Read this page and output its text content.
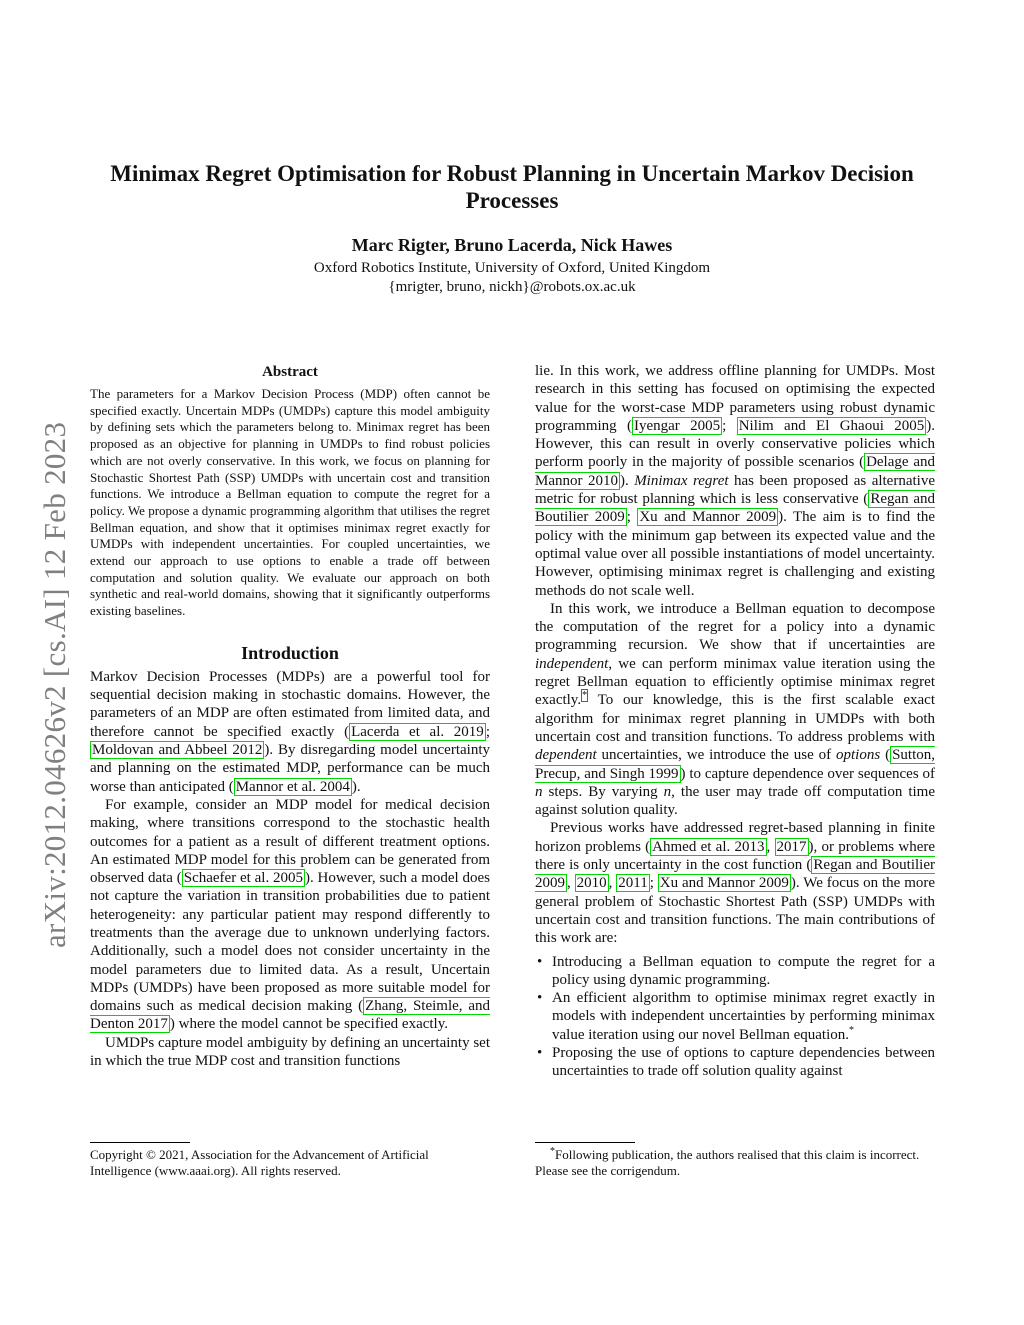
arXiv:2012.04626v2 [cs.AI] 12 Feb 2023
Minimax Regret Optimisation for Robust Planning in Uncertain Markov Decision Processes
Marc Rigter, Bruno Lacerda, Nick Hawes
Oxford Robotics Institute, University of Oxford, United Kingdom
{mrigter, bruno, nickh}@robots.ox.ac.uk
Abstract

The parameters for a Markov Decision Process (MDP) often cannot be specified exactly. Uncertain MDPs (UMDPs) capture this model ambiguity by defining sets which the parameters belong to. Minimax regret has been proposed as an objective for planning in UMDPs to find robust policies which are not overly conservative. In this work, we focus on planning for Stochastic Shortest Path (SSP) UMDPs with uncertain cost and transition functions. We introduce a Bellman equation to compute the regret for a policy. We propose a dynamic programming algorithm that utilises the regret Bellman equation, and show that it optimises minimax regret exactly for UMDPs with independent uncertainties. For coupled uncertainties, we extend our approach to use options to enable a trade off between computation and solution quality. We evaluate our approach on both synthetic and real-world domains, showing that it significantly outperforms existing baselines.

Introduction

Markov Decision Processes (MDPs) are a powerful tool for sequential decision making in stochastic domains. However, the parameters of an MDP are often estimated from limited data, and therefore cannot be specified exactly ( Lacerda et al. 2019 ; Moldovan and Abbeel 2012 ). By disregarding model uncertainty and planning on the estimated MDP, performance can be much worse than anticipated ( Mannor et al. 2004 ).

For example, consider an MDP model for medical decision making, where transitions correspond to the stochastic health outcomes for a patient as a result of different treatment options. An estimated MDP model for this problem can be generated from observed data ( Schaefer et al. 2005 ). However, such a model does not capture the variation in transition probabilities due to patient heterogeneity: any particular patient may respond differently to treatments than the average due to unknown underlying factors. Additionally, such a model does not consider uncertainty in the model parameters due to limited data. As a result, Uncertain MDPs (UMDPs) have been proposed as more suitable model for domains such as medical decision making ( Zhang, Steimle, and Denton 2017 ) where the model cannot be specified exactly.

UMDPs capture model ambiguity by defining an uncertainty set in which the true MDP cost and transition functions

Copyright © 2021, Association for the Advancement of Artificial Intelligence (www.aaai.org). All rights reserved.

lie. In this work, we address offline planning for UMDPs. Most research in this setting has focused on optimising the expected value for the worst-case MDP parameters using robust dynamic programming ( Iyengar 2005 ; Nilim and El Ghaoui 2005 ). However, this can result in overly conservative policies which perform poorly in the majority of possible scenarios ( Delage and Mannor 2010 ). Minimax regret has been proposed as alternative metric for robust planning which is less conservative ( Regan and Boutilier 2009 ; Xu and Mannor 2009 ). The aim is to find the policy with the minimum gap between its expected value and the optimal value over all possible instantiations of model uncertainty. However, optimising minimax regret is challenging and existing methods do not scale well.

In this work, we introduce a Bellman equation to decompose the computation of the regret for a policy into a dynamic programming recursion. We show that if uncertainties are independent, we can perform minimax value iteration using the regret Bellman equation to efficiently optimise minimax regret exactly.* To our knowledge, this is the first scalable exact algorithm for minimax regret planning in UMDPs with both uncertain cost and transition functions. To address problems with dependent uncertainties, we introduce the use of options ( Sutton, Precup, and Singh 1999 ) to capture dependence over sequences of n steps. By varying n, the user may trade off computation time against solution quality.

Previous works have addressed regret-based planning in finite horizon problems ( Ahmed et al. 2013 , 2017 ), or problems where there is only uncertainty in the cost function ( Regan and Boutilier 2009 , 2010 , 2011 ; Xu and Mannor 2009 ). We focus on the more general problem of Stochastic Shortest Path (SSP) UMDPs with uncertain cost and transition functions. The main contributions of this work are:

• Introducing a Bellman equation to compute the regret for a policy using dynamic programming.
• An efficient algorithm to optimise minimax regret exactly in models with independent uncertainties by performing minimax value iteration using our novel Bellman equation.*
• Proposing the use of options to capture dependencies between uncertainties to trade off solution quality against

*Following publication, the authors realised that this claim is incorrect. Please see the corrigendum.
